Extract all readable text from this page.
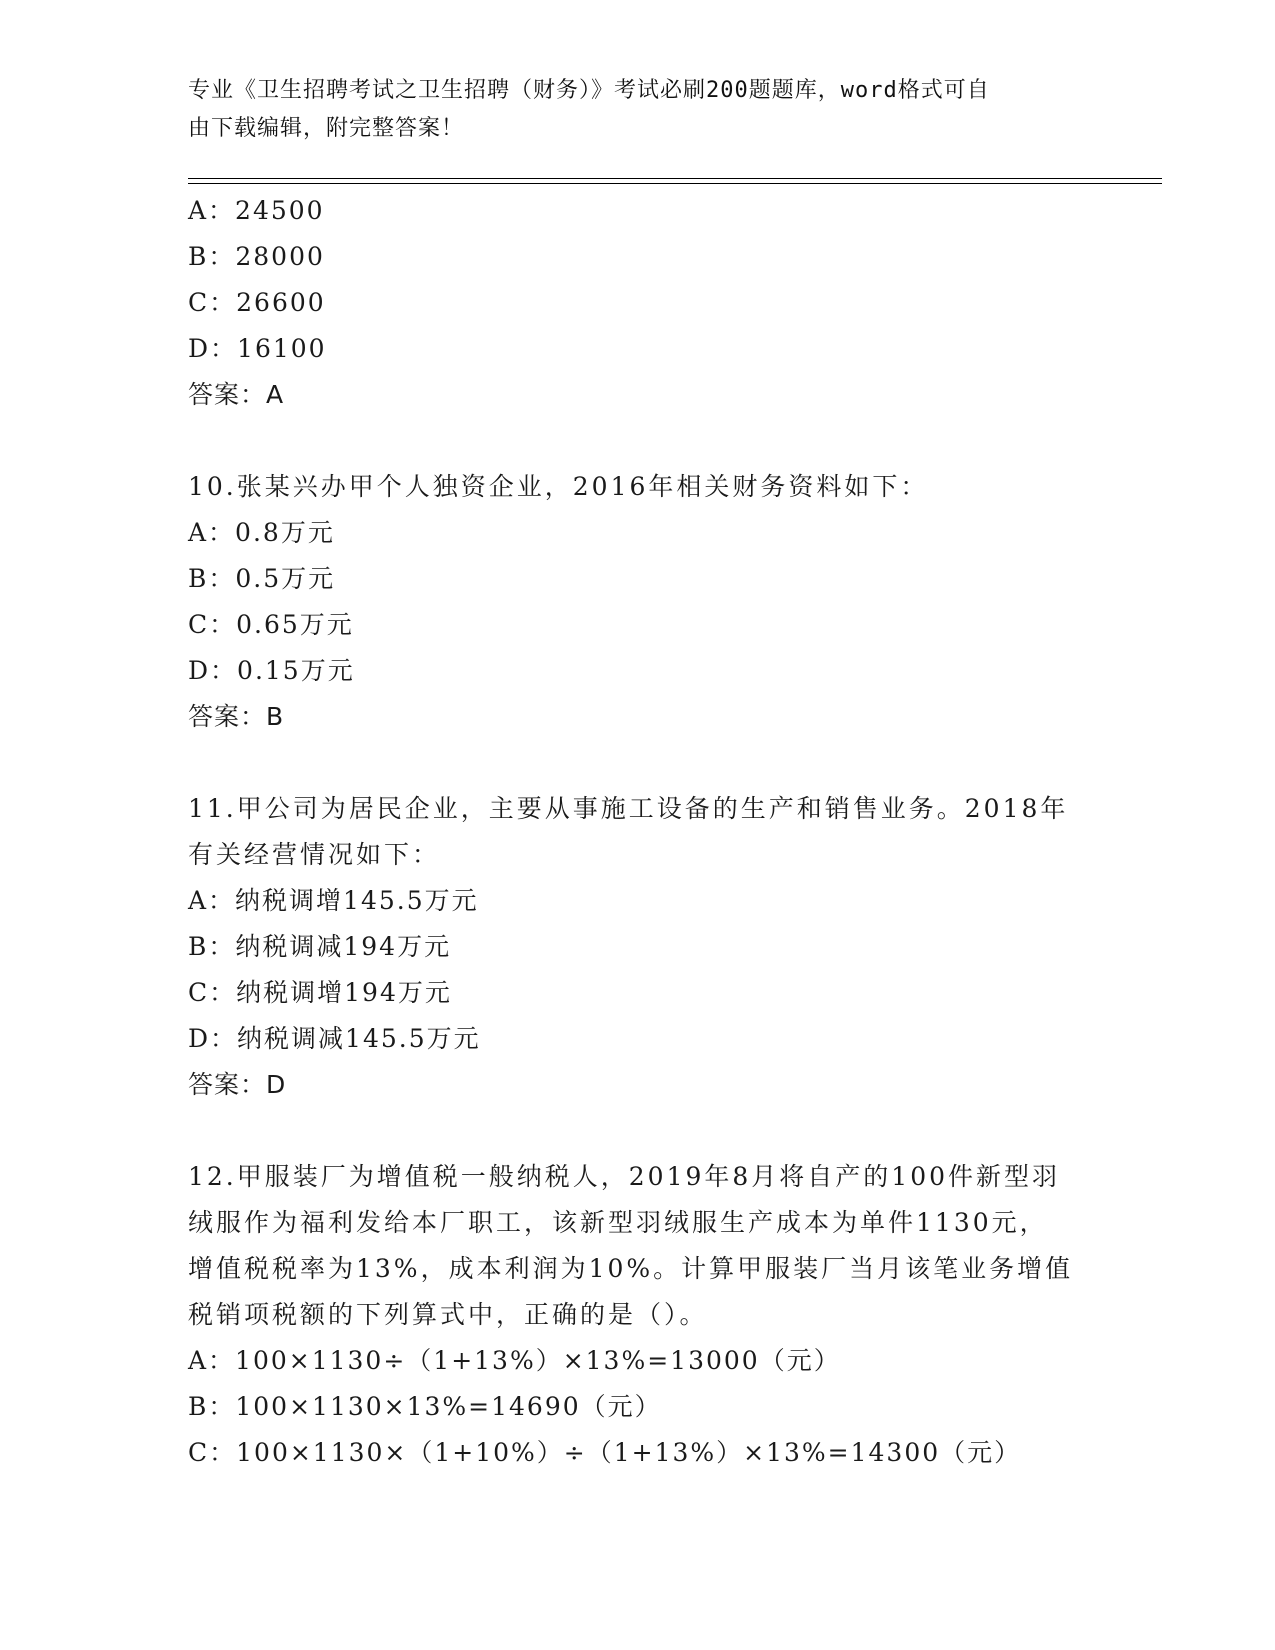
专业《卫生招聘考试之卫生招聘（财务）》考试必刷200题题库，word格式可自
由下载编辑，附完整答案！
A：24500
B：28000
C：26600
D：16100
答案：A
10.张某兴办甲个人独资企业，2016年相关财务资料如下：
A：0.8万元
B：0.5万元
C：0.65万元
D：0.15万元
答案：B
11.甲公司为居民企业，主要从事施工设备的生产和销售业务。2018年
有关经营情况如下：
A：纳税调增145.5万元
B：纳税调减194万元
C：纳税调增194万元
D：纳税调减145.5万元
答案：D
12.甲服装厂为增值税一般纳税人，2019年8月将自产的100件新型羽
绒服作为福利发给本厂职工，该新型羽绒服生产成本为单件1130元，
增值税税率为13%，成本利润为10%。计算甲服装厂当月该笔业务增值
税销项税额的下列算式中，正确的是（）。
A：100×1130÷（1+13%）×13%=13000（元）
B：100×1130×13%=14690（元）
C：100×1130×（1+10%）÷（1+13%）×13%=14300（元）
